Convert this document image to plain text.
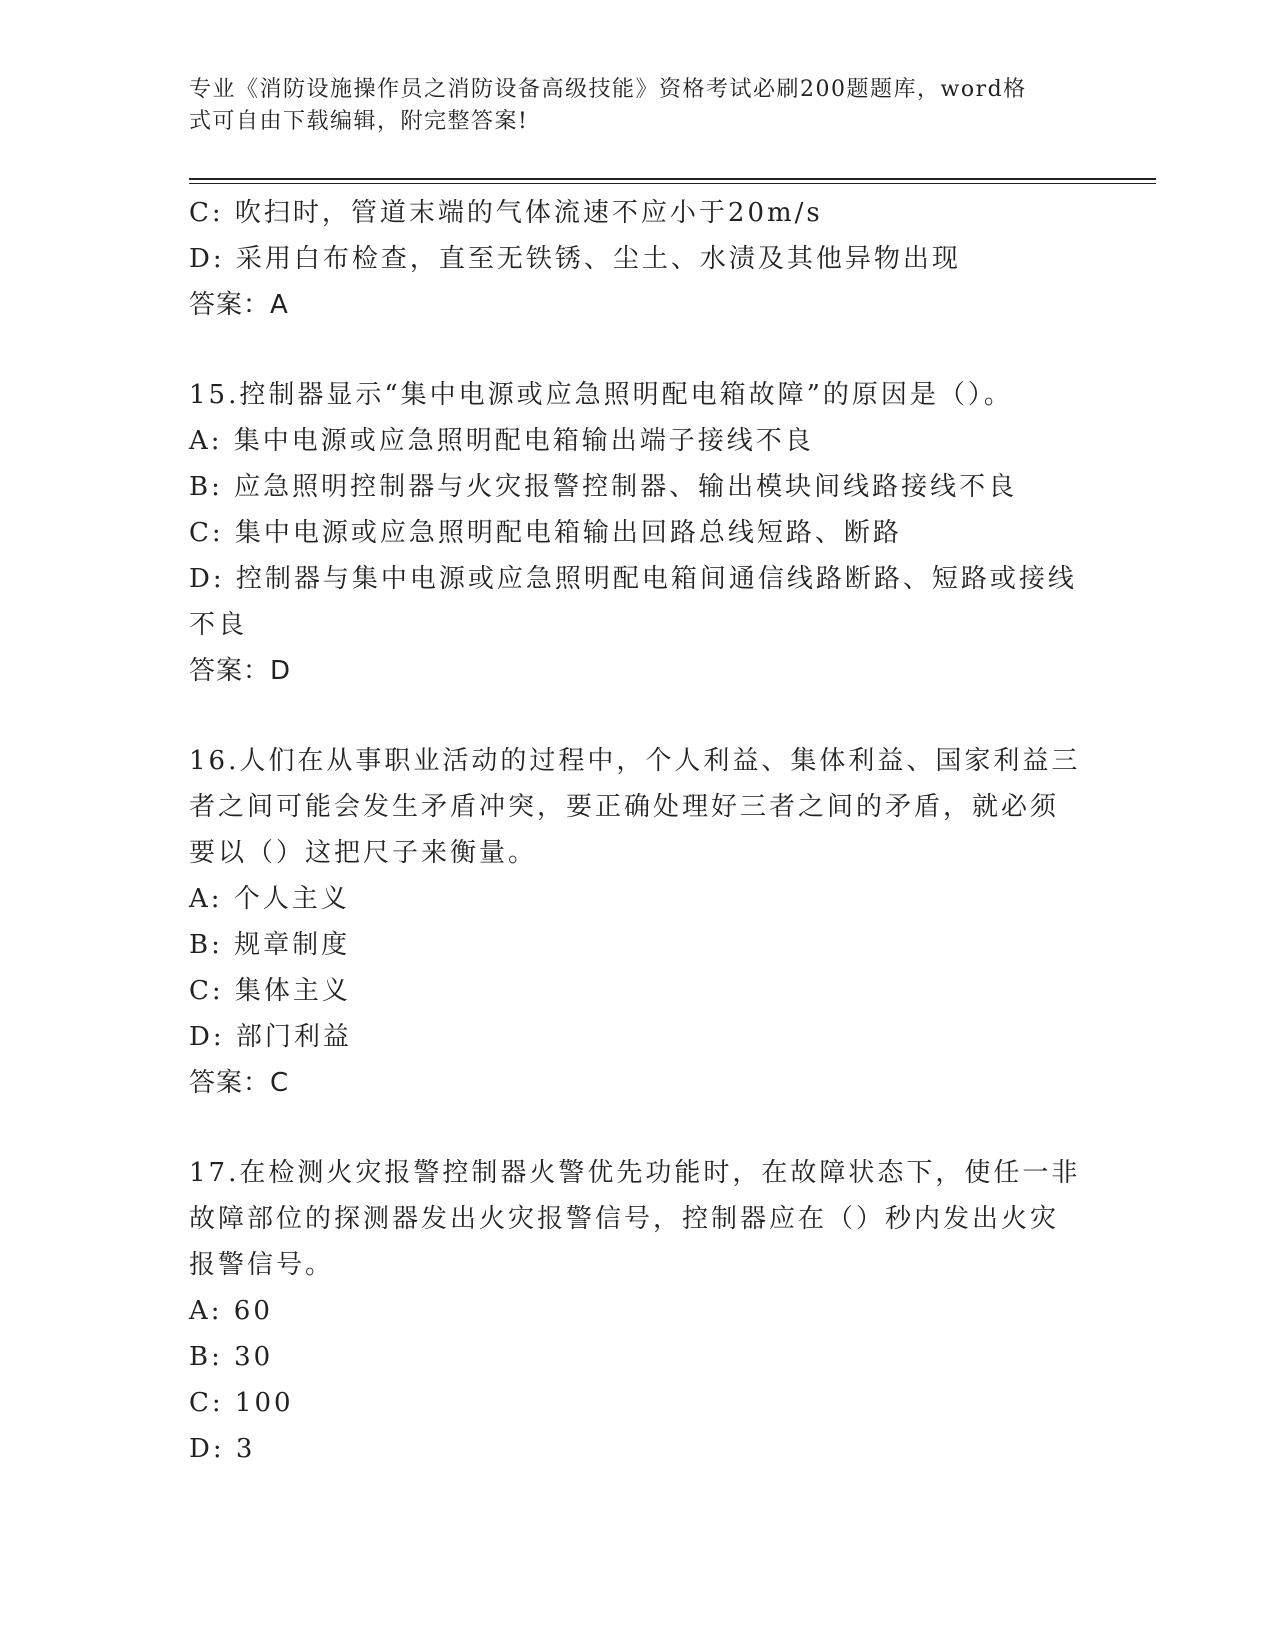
专业《消防设施操作员之消防设备高级技能》资格考试必刷200题题库，word格
式可自由下载编辑，附完整答案!
C: 吹扫时，管道末端的气体流速不应小于20m/s
D: 采用白布检查，直至无铁锈、尘土、水渍及其他异物出现
答案：A
15.控制器显示“集中电源或应急照明配电箱故障”的原因是（）。
A: 集中电源或应急照明配电箱输出端子接线不良
B: 应急照明控制器与火灾报警控制器、输出模块间线路接线不良
C: 集中电源或应急照明配电箱输出回路总线短路、断路
D: 控制器与集中电源或应急照明配电箱间通信线路断路、短路或接线
不良
答案：D
16.人们在从事职业活动的过程中，个人利益、集体利益、国家利益三
者之间可能会发生矛盾冲突，要正确处理好三者之间的矛盾，就必须
要以（）这把尺子来衡量。
A: 个人主义
B: 规章制度
C: 集体主义
D: 部门利益
答案：C
17.在检测火灾报警控制器火警优先功能时，在故障状态下，使任一非
故障部位的探测器发出火灾报警信号，控制器应在（）秒内发出火灾
报警信号。
A: 60
B: 30
C: 100
D: 3
